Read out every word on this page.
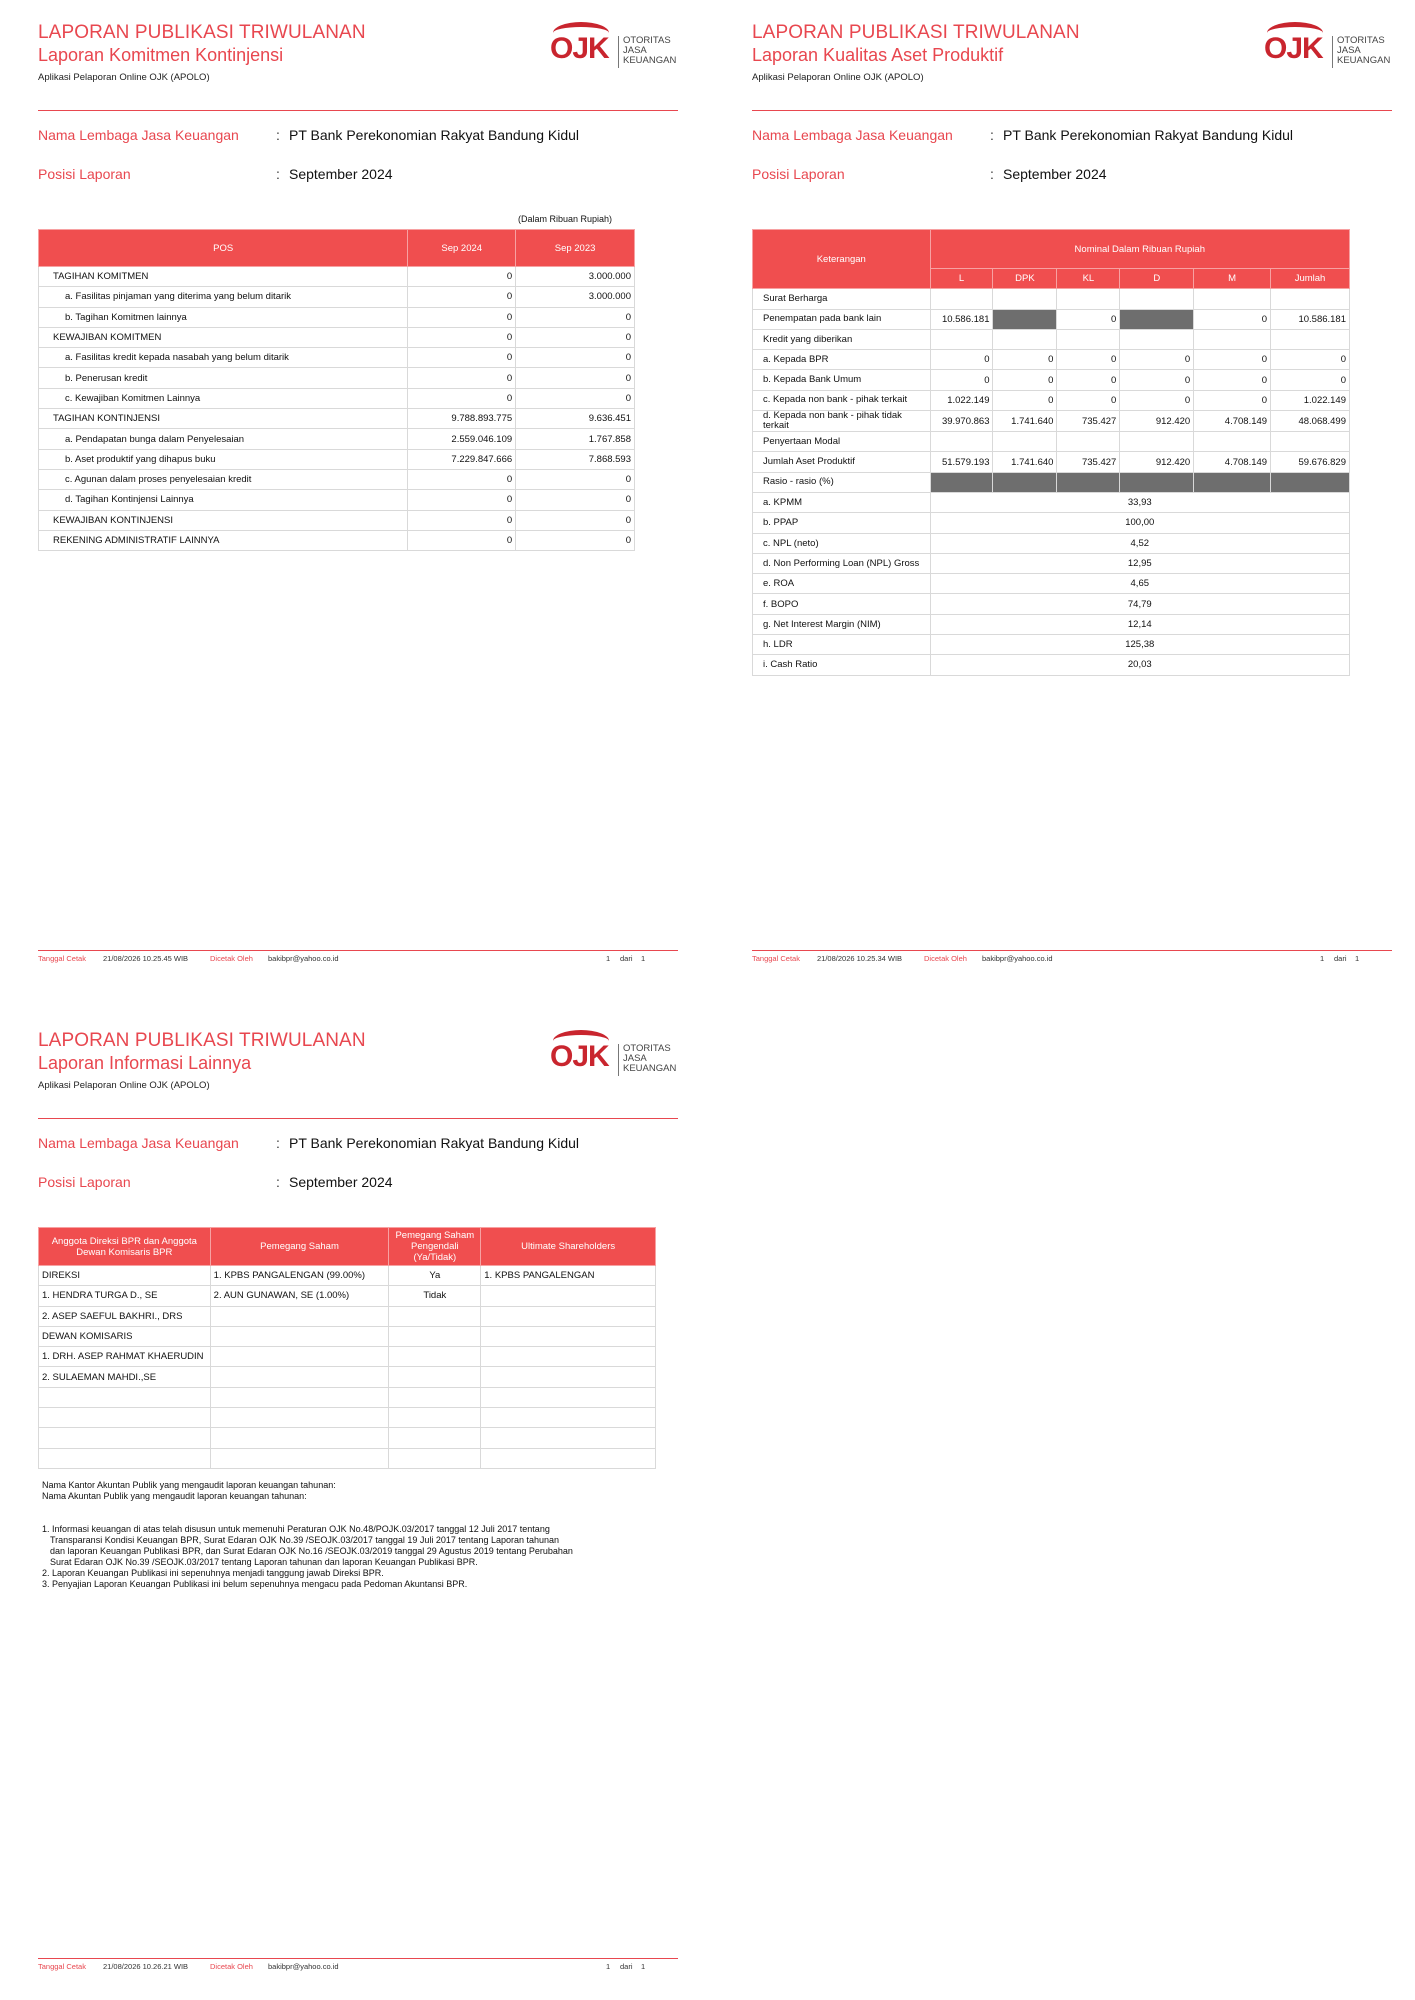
LAPORAN PUBLIKASI TRIWULANAN
Laporan Komitmen Kontinjensi
Aplikasi Pelaporan Online OJK (APOLO)
OJK OTORITAS
JASA
KEUANGAN
Nama Lembaga Jasa Keuangan	: PT Bank Perekonomian Rakyat Bandung Kidul
Posisi Laporan	: September 2024
(Dalam Ribuan Rupiah)
POS	Sep 2024	Sep 2023
TAGIHAN KOMITMEN	0	3.000.000
a. Fasilitas pinjaman yang diterima yang belum ditarik	0	3.000.000
b. Tagihan Komitmen lainnya	0	0
KEWAJIBAN KOMITMEN	0	0
a. Fasilitas kredit kepada nasabah yang belum ditarik	0	0
b. Penerusan kredit	0	0
c. Kewajiban Komitmen Lainnya	0	0
TAGIHAN KONTINJENSI	9.788.893.775	9.636.451
a. Pendapatan bunga dalam Penyelesaian	2.559.046.109	1.767.858
b. Aset produktif yang dihapus buku	7.229.847.666	7.868.593
c. Agunan dalam proses penyelesaian kredit	0	0
d. Tagihan Kontinjensi Lainnya	0	0
KEWAJIBAN KONTINJENSI	0	0
REKENING ADMINISTRATIF LAINNYA	0	0
Tanggal Cetak 21/08/2026 10.25.45 WIB	Dicetak Oleh bakibpr@yahoo.co.id	1 dari 1
LAPORAN PUBLIKASI TRIWULANAN
Laporan Kualitas Aset Produktif
Aplikasi Pelaporan Online OJK (APOLO)
OJK OTORITAS
JASA
KEUANGAN
Nama Lembaga Jasa Keuangan	: PT Bank Perekonomian Rakyat Bandung Kidul
Posisi Laporan	: September 2024
Keterangan	Nominal Dalam Ribuan Rupiah					
	L	DPK	KL	D	M	Jumlah
Surat Berharga						
Penempatan pada bank lain	10.586.181		0		0	10.586.181
Kredit yang diberikan						
a. Kepada BPR	0	0	0	0	0	0
b. Kepada Bank Umum	0	0	0	0	0	0
c. Kepada non bank - pihak terkait	1.022.149	0	0	0	0	1.022.149
d. Kepada non bank - pihak tidak terkait	39.970.863	1.741.640	735.427	912.420	4.708.149	48.068.499
Penyertaan Modal						
Jumlah Aset Produktif	51.579.193	1.741.640	735.427	912.420	4.708.149	59.676.829
Rasio - rasio (%)						
a. KPMM	33,93					
b. PPAP	100,00					
c. NPL (neto)	4,52					
d. Non Performing Loan (NPL) Gross	12,95					
e. ROA	4,65					
f. BOPO	74,79					
g. Net Interest Margin (NIM)	12,14					
h. LDR	125,38					
i. Cash Ratio	20,03					
Tanggal Cetak 21/08/2026 10.25.34 WIB	Dicetak Oleh bakibpr@yahoo.co.id	1 dari 1
LAPORAN PUBLIKASI TRIWULANAN
Laporan Informasi Lainnya
Aplikasi Pelaporan Online OJK (APOLO)
OJK OTORITAS
JASA
KEUANGAN
Nama Lembaga Jasa Keuangan	: PT Bank Perekonomian Rakyat Bandung Kidul
Posisi Laporan	: September 2024
Anggota Direksi BPR dan Anggota Dewan Komisaris BPR	Pemegang Saham	Pemegang Saham Pengendali (Ya/Tidak)	Ultimate Shareholders
DIREKSI	1. KPBS PANGALENGAN (99.00%)	Ya	1. KPBS PANGALENGAN
1. HENDRA TURGA D., SE	2. AUN GUNAWAN, SE (1.00%)	Tidak	
2. ASEP SAEFUL BAKHRI., DRS			
DEWAN KOMISARIS			
1. DRH. ASEP RAHMAT KHAERUDIN			
2. SULAEMAN MAHDI.,SE			

Nama Kantor Akuntan Publik yang mengaudit laporan keuangan tahunan:
Nama Akuntan Publik yang mengaudit laporan keuangan tahunan:
1. Informasi keuangan di atas telah disusun untuk memenuhi Peraturan OJK No.48/POJK.03/2017 tanggal 12 Juli 2017 tentang
Transparansi Kondisi Keuangan BPR, Surat Edaran OJK No.39 /SEOJK.03/2017 tanggal 19 Juli 2017 tentang Laporan tahunan
dan laporan Keuangan Publikasi BPR, dan Surat Edaran OJK No.16 /SEOJK.03/2019 tanggal 29 Agustus 2019 tentang Perubahan
Surat Edaran OJK No.39 /SEOJK.03/2017 tentang Laporan tahunan dan laporan Keuangan Publikasi BPR.
2. Laporan Keuangan Publikasi ini sepenuhnya menjadi tanggung jawab Direksi BPR.
3. Penyajian Laporan Keuangan Publikasi ini belum sepenuhnya mengacu pada Pedoman Akuntansi BPR.
Tanggal Cetak 21/08/2026 10.26.21 WIB	Dicetak Oleh bakibpr@yahoo.co.id	1 dari 1
